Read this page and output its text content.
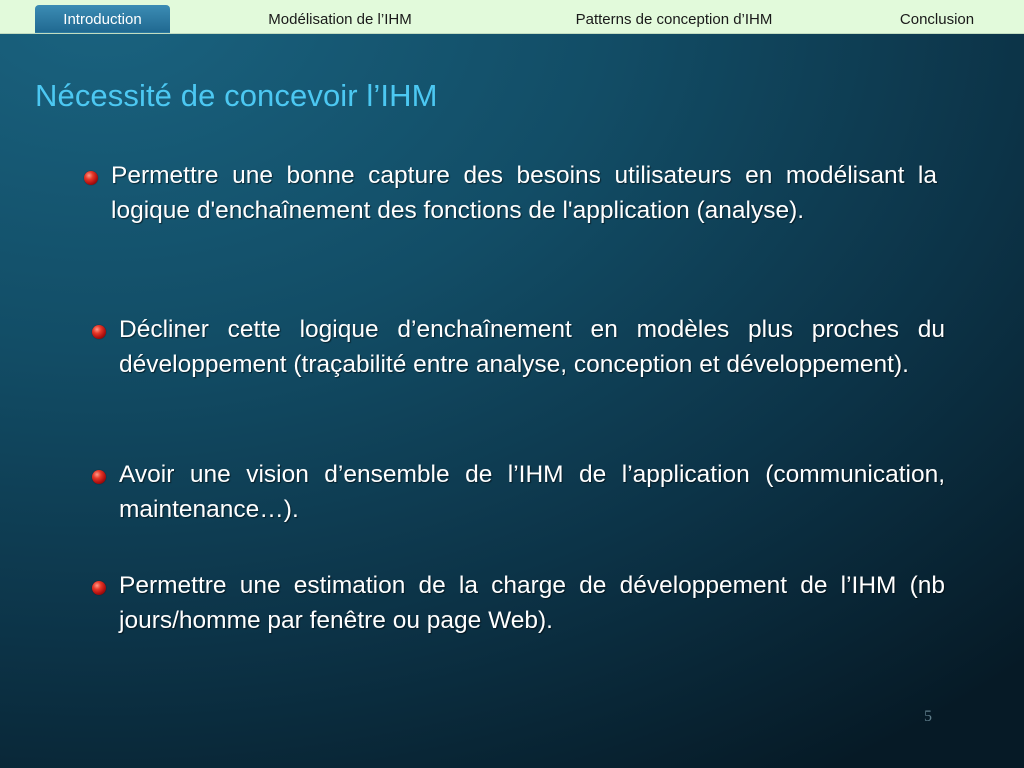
Introduction	Modélisation de l’IHM	Patterns de conception d’IHM	Conclusion
Nécessité de concevoir l’IHM
Permettre une bonne capture des besoins utilisateurs en modélisant la logique d'enchaînement des fonctions de l'application (analyse).
Décliner cette logique d’enchaînement en modèles plus proches du développement (traçabilité entre analyse, conception et développement).
Avoir une vision d’ensemble de l’IHM de l’application (communication, maintenance…).
Permettre une estimation de la charge de développement de l’IHM (nb jours/homme par fenêtre ou page Web).
5
